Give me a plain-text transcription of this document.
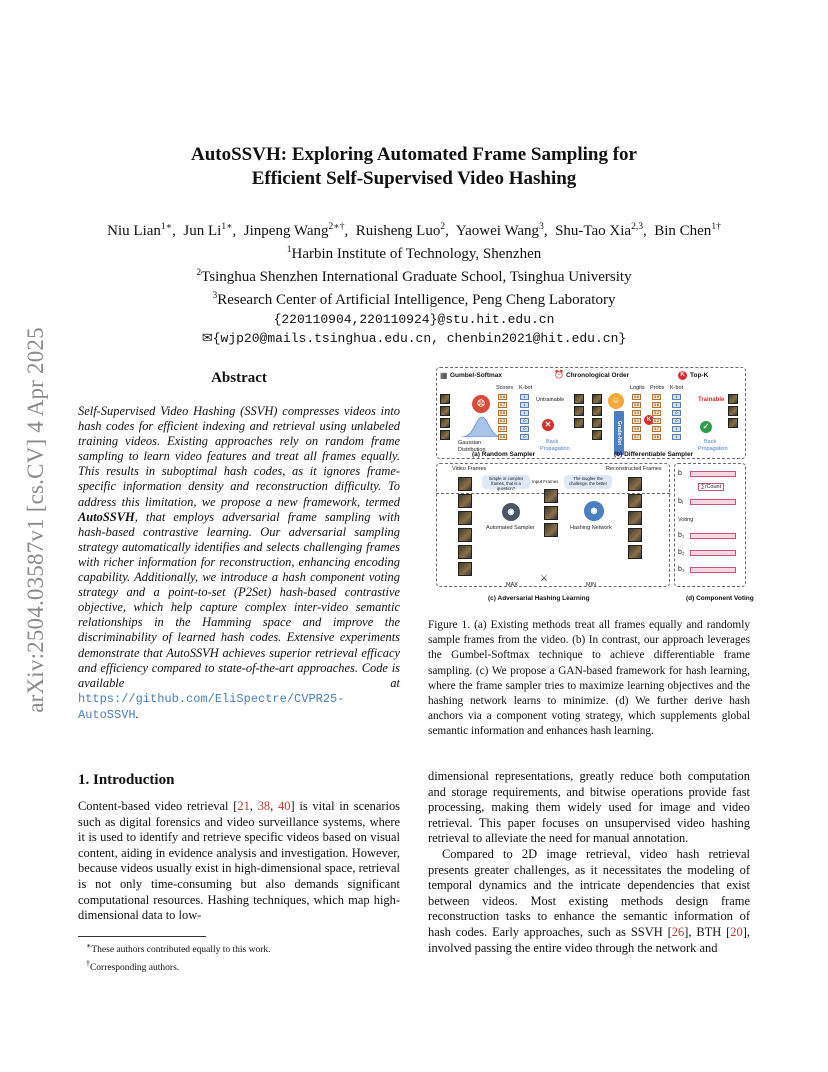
arXiv:2504.03587v1 [cs.CV] 4 Apr 2025
AutoSSVH: Exploring Automated Frame Sampling for
Efficient Self-Supervised Video Hashing
Niu Lian$^{1∗}$,  Jun $Li^{1∗}$,  Jinpeng Wang$^{2∗\dagger}$,  Ruisheng Luo$^2$,  Yaowei Wang$^3$,  Shu-Tao Xia$^{2,3}$,  Bin Chen$^{1\dagger}$
$^1$Harbin Institute of Technology, Shenzhen
$^2$Tsinghua Shenzhen International Graduate School, Tsinghua University
$^3$Research Center of Artificial Intelligence, Peng Cheng Laboratory
{220110904,220110924}@stu.hit.edu.cn
✉{wjp20@mails.tsinghua.edu.cn, chenbin2021@hit.edu.cn}
Abstract
Self-Supervised Video Hashing (SSVH) compresses videos into hash codes for efficient indexing and retrieval using unlabeled training videos. Existing approaches rely on random frame sampling to learn video features and treat all frames equally. This results in suboptimal hash codes, as it ignores frame-specific information density and reconstruction difficulty. To address this limitation, we propose a new framework, termed AutoSSVH, that employs adversarial frame sampling with hash-based contrastive learning. Our adversarial sampling strategy automatically identifies and selects challenging frames with richer information for reconstruction, enhancing encoding capability. Additionally, we introduce a hash component voting strategy and a point-to-set (P2Set) hash-based contrastive objective, which help capture complex inter-video semantic relationships in the Hamming space and improve the discriminability of learned hash codes. Extensive experiments demonstrate that AutoSSVH achieves superior retrieval efficacy and efficiency compared to state-of-the-art approaches. Code is available at https://github.com/EliSpectre/CVPR25-AutoSSVH.
1. Introduction
Content-based video retrieval [21, 38, 40] is vital in scenarios such as digital forensics and video surveillance systems, where it is used to identify and retrieve specific videos based on visual content, aiding in evidence analysis and investigation. However, because videos usually exist in high-dimensional space, retrieval is not only time-consuming but also demands significant computational resources. Hashing techniques, which map high-dimensional data to low-

∗These authors contributed equally to this work.

†Corresponding authors.

dimensional representations, greatly reduce both computation and storage requirements, and bitwise operations provide fast processing, making them widely used for image and video retrieval. This paper focuses on unsupervised video hashing retrieval to alleviate the need for manual annotation.

Compared to 2D image retrieval, video hash retrieval presents greater challenges, as it necessitates the modeling of temporal dynamics and the intricate dependencies that exist between videos. Most existing methods design frame reconstruction tasks to enhance the semantic information of hash codes. Early approaches, such as SSVH [26], BTH [20], involved passing the entire video through the network and

▦ Gumbel-Softmax	⏰ Chronological Order	K Top-K
☹
Gaussian
Distribution
Scores K-bot
Untrainable
✕
Back
Propagation
(a) Random Sampler
☺
Grade-Net
Logits Probs K-bot
K
Trainable
✓
Back
Propagation
(b) Differentiable Sampler
Video Frames	Reconstructed Frames
Simple or complex frames, that is a question?
Input Frames
◉
Automated Sampler
The tougher the challenge, the better
◉
Hashing Network
⚔
MAX	MIN
(c) Adversarial Hashing Learning	(d) Component Voting
0.6
0.7
0.8
0.3
0.2
0.6
1
1
1
0
0
0
0.6
0.8
0.3
0.1
0.5
0.7
0.9
0.8
0.2
0.2
0.7
0.6
1
1
0
0
1
1
b
bᵢ
b₁
b₂
b₃
∑/Count
Voting
Figure 1. (a) Existing methods treat all frames equally and randomly sample frames from the video. (b) In contrast, our approach leverages the Gumbel-Softmax technique to achieve differentiable frame sampling. (c) We propose a GAN-based framework for hash learning, where the frame sampler tries to maximize learning objectives and the hashing network learns to minimize. (d) We further derive hash anchors via a component voting strategy, which supplements global semantic information and enhances hash learning.
